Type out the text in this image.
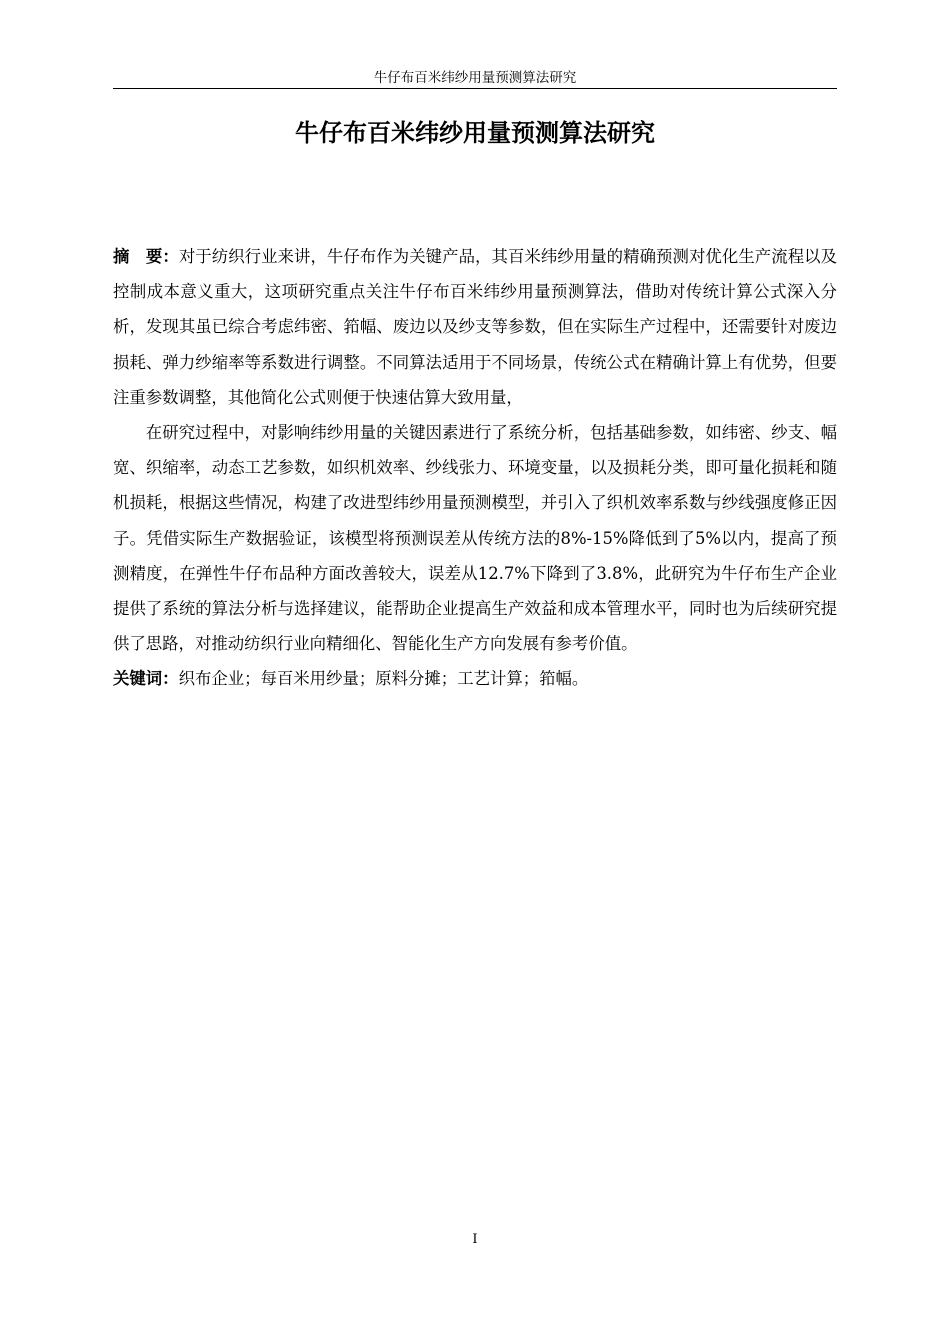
牛仔布百米纬纱用量预测算法研究
牛仔布百米纬纱用量预测算法研究

摘　要：对于纺织行业来讲，牛仔布作为关键产品，其百米纬纱用量的精确预测对优化生产流程以及控制成本意义重大，这项研究重点关注牛仔布百米纬纱用量预测算法，借助对传统计算公式深入分析，发现其虽已综合考虑纬密、筘幅、废边以及纱支等参数，但在实际生产过程中，还需要针对废边损耗、弹力纱缩率等系数进行调整。不同算法适用于不同场景，传统公式在精确计算上有优势，但要注重参数调整，其他简化公式则便于快速估算大致用量，

在研究过程中，对影响纬纱用量的关键因素进行了系统分析，包括基础参数，如纬密、纱支、幅宽、织缩率，动态工艺参数，如织机效率、纱线张力、环境变量，以及损耗分类，即可量化损耗和随机损耗，根据这些情况，构建了改进型纬纱用量预测模型，并引入了织机效率系数与纱线强度修正因子。凭借实际生产数据验证，该模型将预测误差从传统方法的8%-15%降低到了5%以内，提高了预测精度，在弹性牛仔布品种方面改善较大，误差从12.7%下降到了3.8%，此研究为牛仔布生产企业提供了系统的算法分析与选择建议，能帮助企业提高生产效益和成本管理水平，同时也为后续研究提供了思路，对推动纺织行业向精细化、智能化生产方向发展有参考价值。

关键词：织布企业；每百米用纱量；原料分摊；工艺计算；筘幅。

I
